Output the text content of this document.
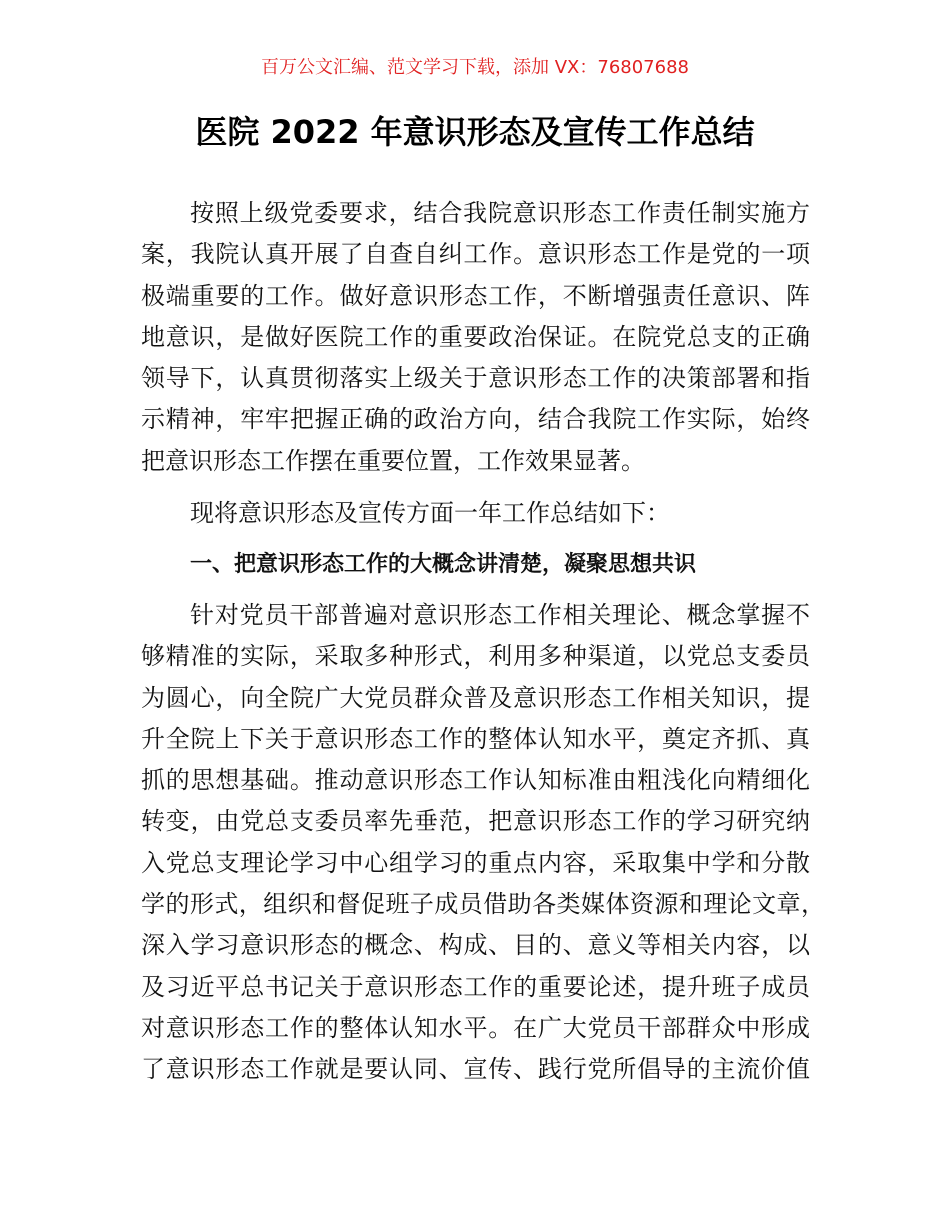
百万公文汇编、范文学习下载，添加 VX：76807688
医院 2022 年意识形态及宣传工作总结
按照上级党委要求，结合我院意识形态工作责任制实施方
案，我院认真开展了自查自纠工作。意识形态工作是党的一项
极端重要的工作。做好意识形态工作，不断增强责任意识、阵
地意识，是做好医院工作的重要政治保证。在院党总支的正确
领导下，认真贯彻落实上级关于意识形态工作的决策部署和指
示精神，牢牢把握正确的政治方向，结合我院工作实际，始终
把意识形态工作摆在重要位置，工作效果显著。
现将意识形态及宣传方面一年工作总结如下：
一、把意识形态工作的大概念讲清楚，凝聚思想共识
针对党员干部普遍对意识形态工作相关理论、概念掌握不
够精准的实际，采取多种形式，利用多种渠道，以党总支委员
为圆心，向全院广大党员群众普及意识形态工作相关知识，提
升全院上下关于意识形态工作的整体认知水平，奠定齐抓、真
抓的思想基础。推动意识形态工作认知标准由粗浅化向精细化
转变，由党总支委员率先垂范，把意识形态工作的学习研究纳
入党总支理论学习中心组学习的重点内容，采取集中学和分散
学的形式，组织和督促班子成员借助各类媒体资源和理论文章，
深入学习意识形态的概念、构成、目的、意义等相关内容，以
及习近平总书记关于意识形态工作的重要论述，提升班子成员
对意识形态工作的整体认知水平。在广大党员干部群众中形成
了意识形态工作就是要认同、宣传、践行党所倡导的主流价值
